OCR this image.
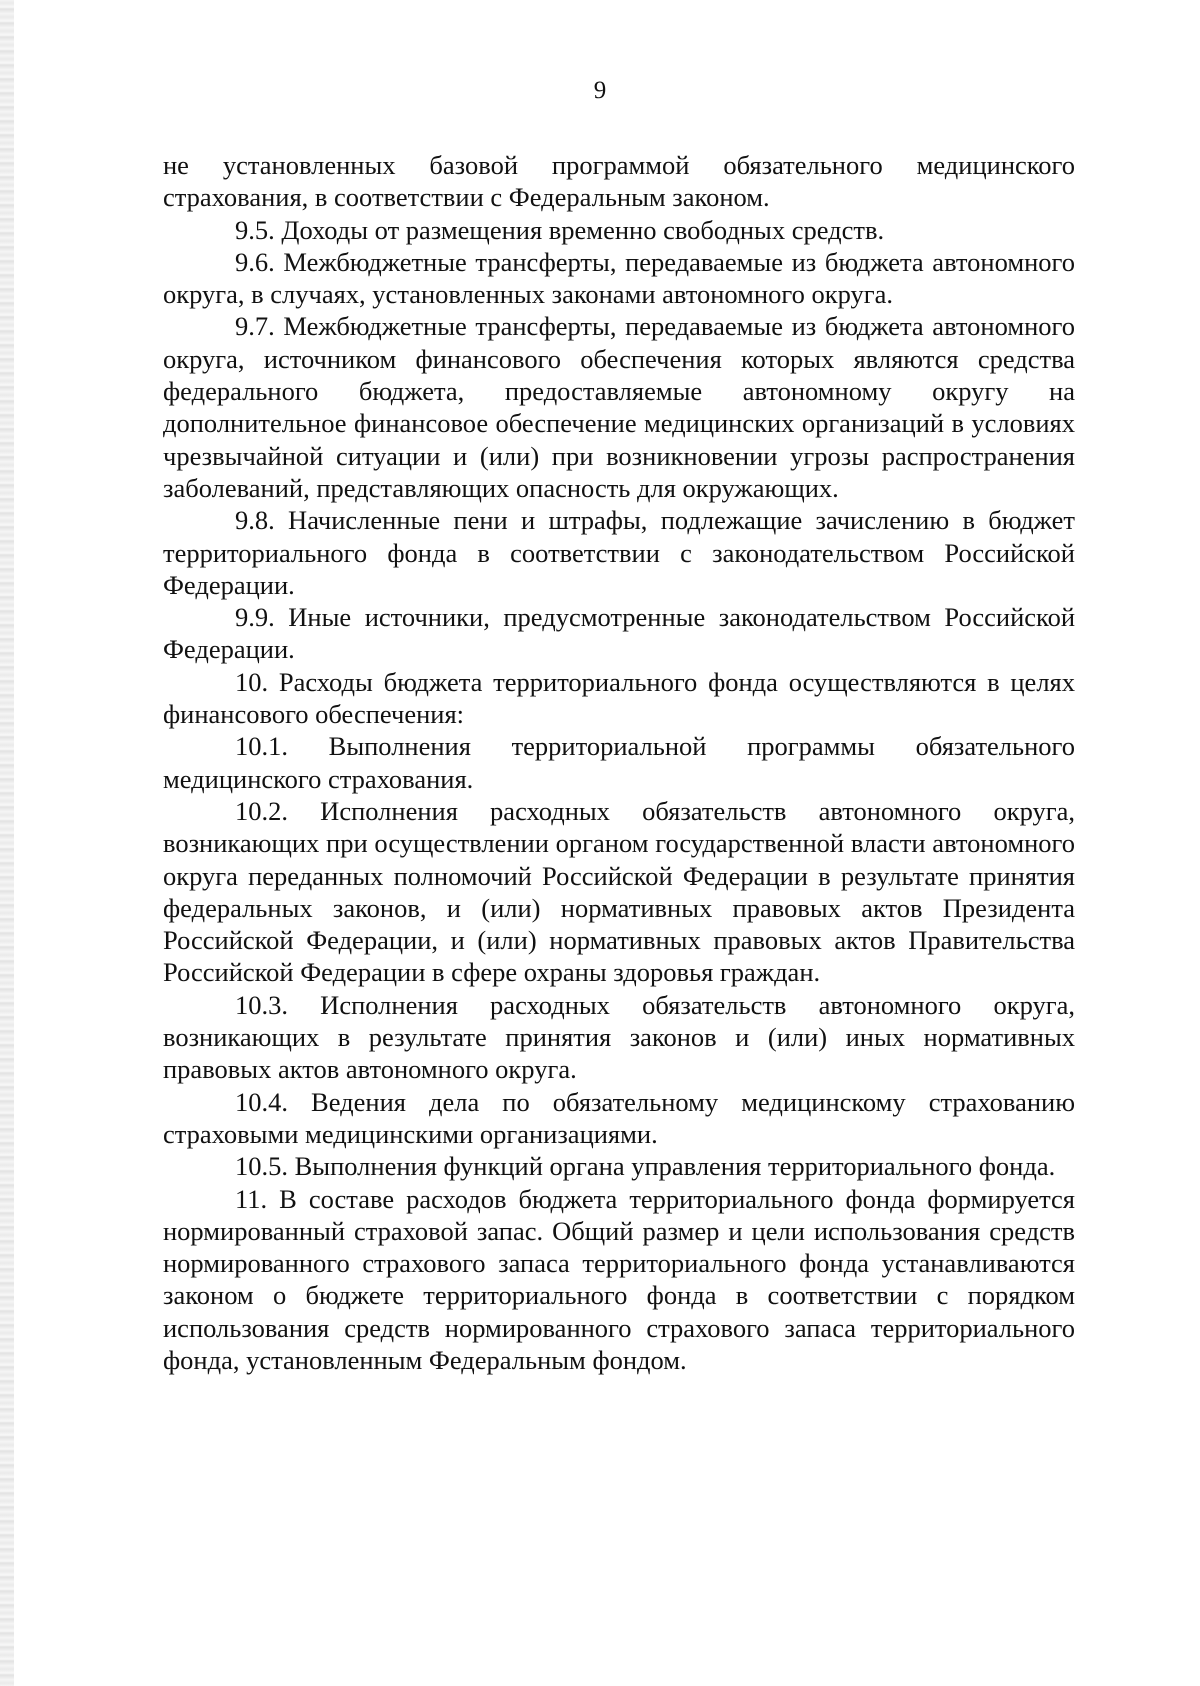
9

не установленных базовой программой обязательного медицинского страхования, в соответствии с Федеральным законом.

9.5. Доходы от размещения временно свободных средств.

9.6. Межбюджетные трансферты, передаваемые из бюджета автономного округа, в случаях, установленных законами автономного округа.

9.7. Межбюджетные трансферты, передаваемые из бюджета автономного округа, источником финансового обеспечения которых являются средства федерального бюджета, предоставляемые автономному округу на дополнительное финансовое обеспечение медицинских организаций в условиях чрезвычайной ситуации и (или) при возникновении угрозы распространения заболеваний, представляющих опасность для окружающих.

9.8. Начисленные пени и штрафы, подлежащие зачислению в бюджет территориального фонда в соответствии с законодательством Российской Федерации.

9.9. Иные источники, предусмотренные законодательством Российской Федерации.

10. Расходы бюджета территориального фонда осуществляются в целях финансового обеспечения:

10.1. Выполнения территориальной программы обязательного медицинского страхования.

10.2. Исполнения расходных обязательств автономного округа, возникающих при осуществлении органом государственной власти автономного округа переданных полномочий Российской Федерации в результате принятия федеральных законов, и (или) нормативных правовых актов Президента Российской Федерации, и (или) нормативных правовых актов Правительства Российской Федерации в сфере охраны здоровья граждан.

10.3. Исполнения расходных обязательств автономного округа, возникающих в результате принятия законов и (или) иных нормативных правовых актов автономного округа.

10.4. Ведения дела по обязательному медицинскому страхованию страховыми медицинскими организациями.

10.5. Выполнения функций органа управления территориального фонда.

11. В составе расходов бюджета территориального фонда формируется нормированный страховой запас. Общий размер и цели использования средств нормированного страхового запаса территориального фонда устанавливаются законом о бюджете территориального фонда в соответствии с порядком использования средств нормированного страхового запаса территориального фонда, установленным Федеральным фондом.
